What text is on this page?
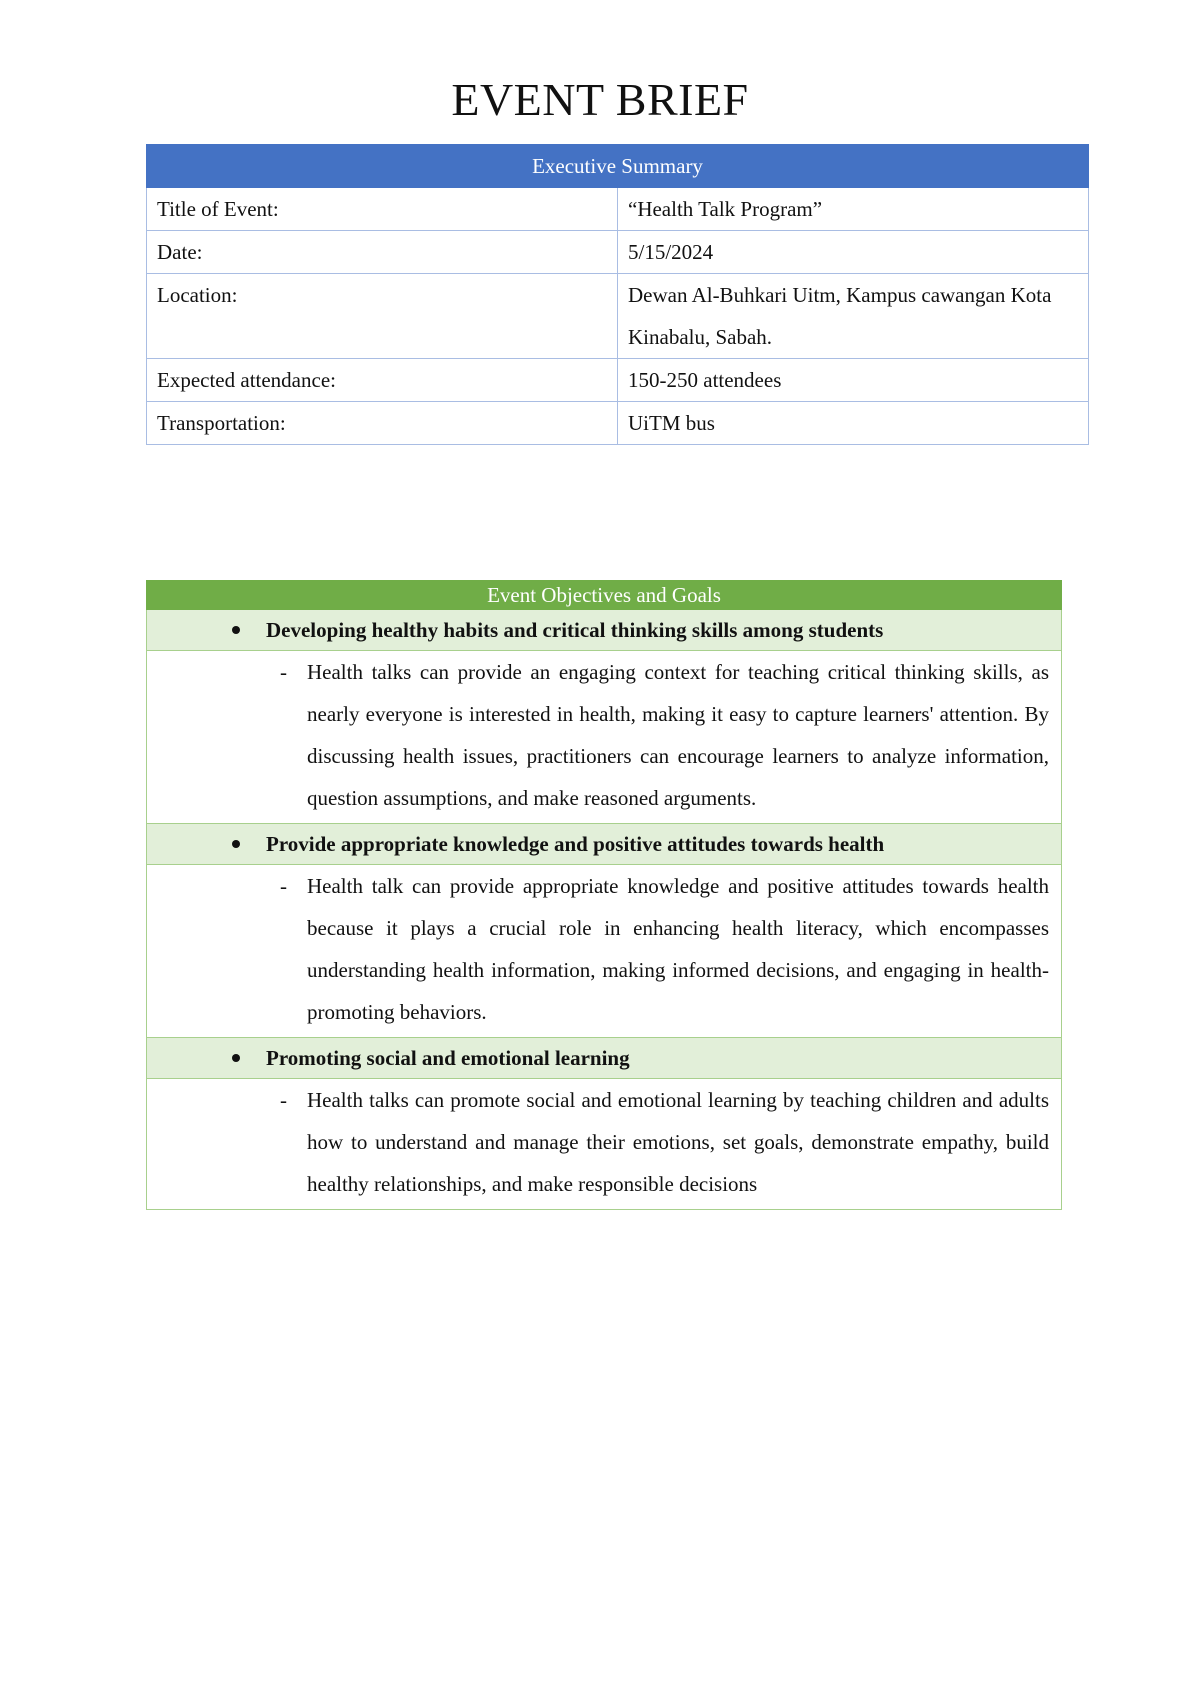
EVENT BRIEF
Executive Summary	
Title of Event:	“Health Talk Program”
Date:	5/15/2024
Location:	Dewan Al-Buhkari Uitm, Kampus cawangan Kota Kinabalu, Sabah.
Expected attendance:	150-250 attendees
Transportation:	UiTM bus
Event Objectives and Goals

Developing healthy habits and critical thinking skills among students

- Health talks can provide an engaging context for teaching critical thinking skills, as nearly everyone is interested in health, making it easy to capture learners' attention. By discussing health issues, practitioners can encourage learners to analyze information, question assumptions, and make reasoned arguments.

Provide appropriate knowledge and positive attitudes towards health

- Health talk can provide appropriate knowledge and positive attitudes towards health because it plays a crucial role in enhancing health literacy, which encompasses understanding health information, making informed decisions, and engaging in health-promoting behaviors.

Promoting social and emotional learning

- Health talks can promote social and emotional learning by teaching children and adults how to understand and manage their emotions, set goals, demonstrate empathy, build healthy relationships, and make responsible decisions
